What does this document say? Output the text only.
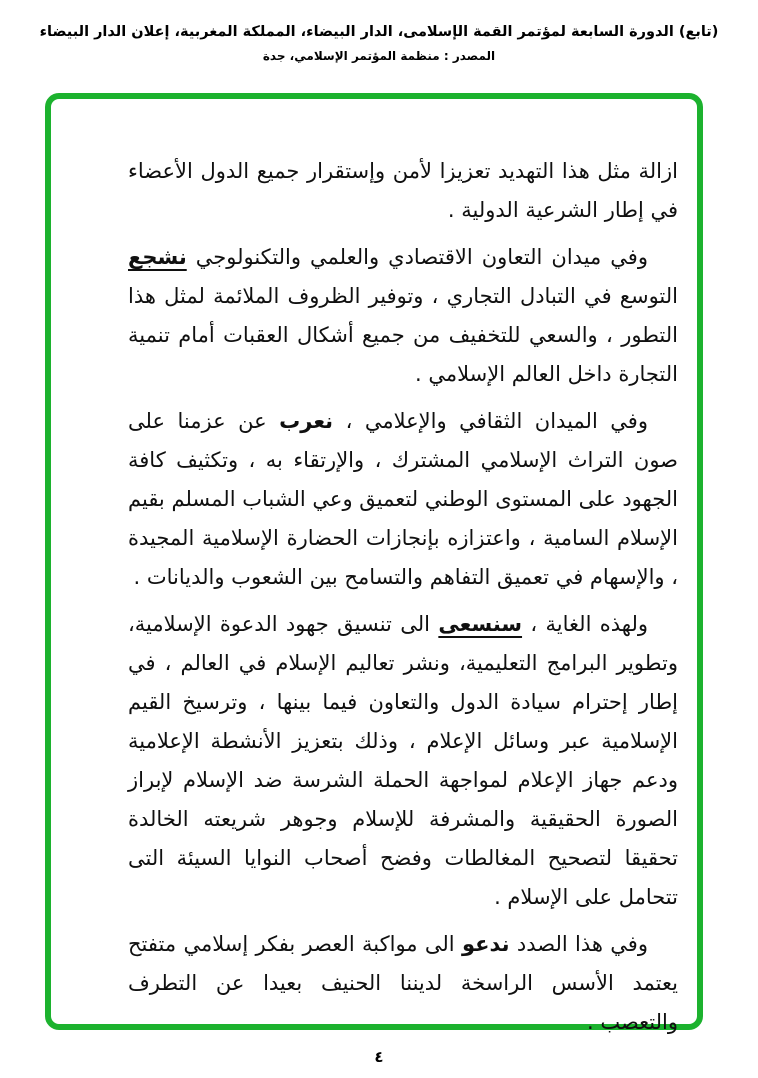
(تابع) الدورة السابعة لمؤتمر القمة الإسلامى، الدار البيضاء، المملكة المغربية، إعلان الدار البيضاء
المصدر : منظمة المؤتمر الإسلامي، جدة

ازالة مثل هذا التهديد تعزيزا لأمن وإستقرار جميع الدول الأعضاء في إطار الشرعية الدولية .

وفي ميدان التعاون الاقتصادي والعلمي والتكنولوجي نشجع التوسع في التبادل التجاري ، وتوفير الظروف الملائمة لمثل هذا التطور ، والسعي للتخفيف من جميع أشكال العقبات أمام تنمية التجارة داخل العالم الإسلامي .

وفي الميدان الثقافي والإعلامي ، نعرب عن عزمنا على صون التراث الإسلامي المشترك ، والإرتقاء به ، وتكثيف كافة الجهود على المستوى الوطني لتعميق وعي الشباب المسلم بقيم الإسلام السامية ، واعتزازه بإنجازات الحضارة الإسلامية المجيدة ، والإسهام في تعميق التفاهم والتسامح بين الشعوب والديانات .

ولهذه الغاية ، سنسعى الى تنسيق جهود الدعوة الإسلامية، وتطوير البرامج التعليمية، ونشر تعاليم الإسلام في العالم ، في إطار إحترام سيادة الدول والتعاون فيما بينها ، وترسيخ القيم الإسلامية عبر وسائل الإعلام ، وذلك بتعزيز الأنشطة الإعلامية ودعم جهاز الإعلام لمواجهة الحملة الشرسة ضد الإسلام لإبراز الصورة الحقيقية والمشرفة للإسلام وجوهر شريعته الخالدة تحقيقا لتصحيح المغالطات وفضح أصحاب النوايا السيئة التى تتحامل على الإسلام .

وفي هذا الصدد ندعو الى مواكبة العصر بفكر إسلامي متفتح يعتمد الأسس الراسخة لديننا الحنيف بعيدا عن التطرف والتعصب .

٤
